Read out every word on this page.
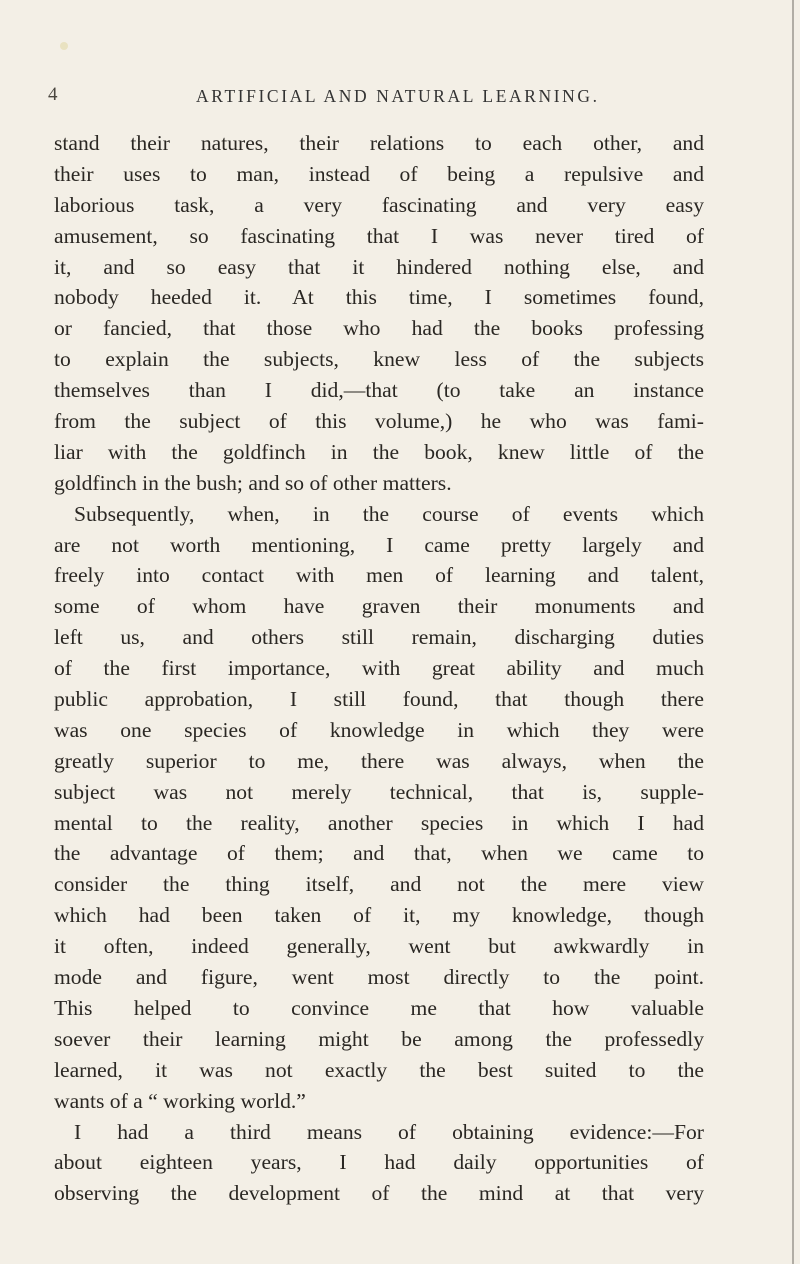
4	ARTIFICIAL AND NATURAL LEARNING.
stand their natures, their relations to each other, and
their uses to man, instead of being a repulsive and
laborious task, a very fascinating and very easy
amusement, so fascinating that I was never tired of
it, and so easy that it hindered nothing else, and
nobody heeded it. At this time, I sometimes found,
or fancied, that those who had the books professing
to explain the subjects, knew less of the subjects
themselves than I did,—that (to take an instance
from the subject of this volume,) he who was fami-
liar with the goldfinch in the book, knew little of the
goldfinch in the bush; and so of other matters.
Subsequently, when, in the course of events which
are not worth mentioning, I came pretty largely and
freely into contact with men of learning and talent,
some of whom have graven their monuments and
left us, and others still remain, discharging duties
of the first importance, with great ability and much
public approbation, I still found, that though there
was one species of knowledge in which they were
greatly superior to me, there was always, when the
subject was not merely technical, that is, supple-
mental to the reality, another species in which I had
the advantage of them; and that, when we came to
consider the thing itself, and not the mere view
which had been taken of it, my knowledge, though
it often, indeed generally, went but awkwardly in
mode and figure, went most directly to the point.
This helped to convince me that how valuable
soever their learning might be among the professedly
learned, it was not exactly the best suited to the
wants of a “ working world.”
I had a third means of obtaining evidence:—For
about eighteen years, I had daily opportunities of
observing the development of the mind at that very
